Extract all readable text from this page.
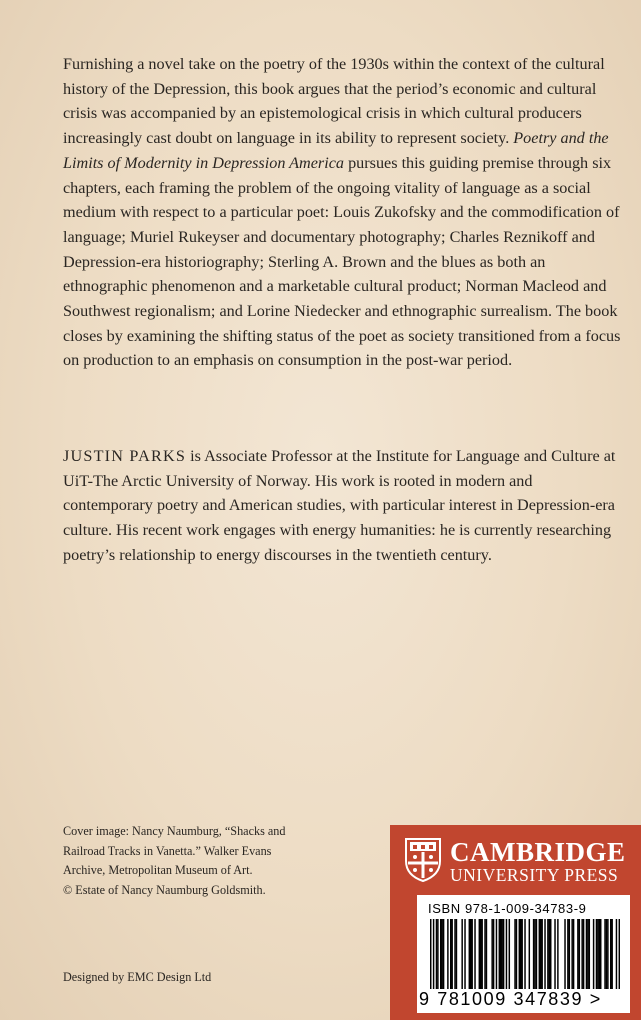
Furnishing a novel take on the poetry of the 1930s within the context of the cultural history of the Depression, this book argues that the period’s economic and cultural crisis was accompanied by an epistemological crisis in which cultural producers increasingly cast doubt on language in its ability to represent society. Poetry and the Limits of Modernity in Depression America pursues this guiding premise through six chapters, each framing the problem of the ongoing vitality of language as a social medium with respect to a particular poet: Louis Zukofsky and the commodification of language; Muriel Rukeyser and documentary photography; Charles Reznikoff and Depression-era historiography; Sterling A. Brown and the blues as both an ethnographic phenomenon and a marketable cultural product; Norman Macleod and Southwest regionalism; and Lorine Niedecker and ethnographic surrealism. The book closes by examining the shifting status of the poet as society transitioned from a focus on production to an emphasis on consumption in the post-war period.

JUSTIN PARKS is Associate Professor at the Institute for Language and Culture at UiT-The Arctic University of Norway. His work is rooted in modern and contemporary poetry and American studies, with particular interest in Depression-era culture. His recent work engages with energy humanities: he is currently researching poetry’s relationship to energy discourses in the twentieth century.

Cover image: Nancy Naumburg, “Shacks and
Railroad Tracks in Vanetta.” Walker Evans
Archive, Metropolitan Museum of Art.
© Estate of Nancy Naumburg Goldsmith.
Designed by EMC Design Ltd
CAMBRIDGE
UNIVERSITY PRESS
ISBN 978-1-009-34783-9
9 781009 347839 >
